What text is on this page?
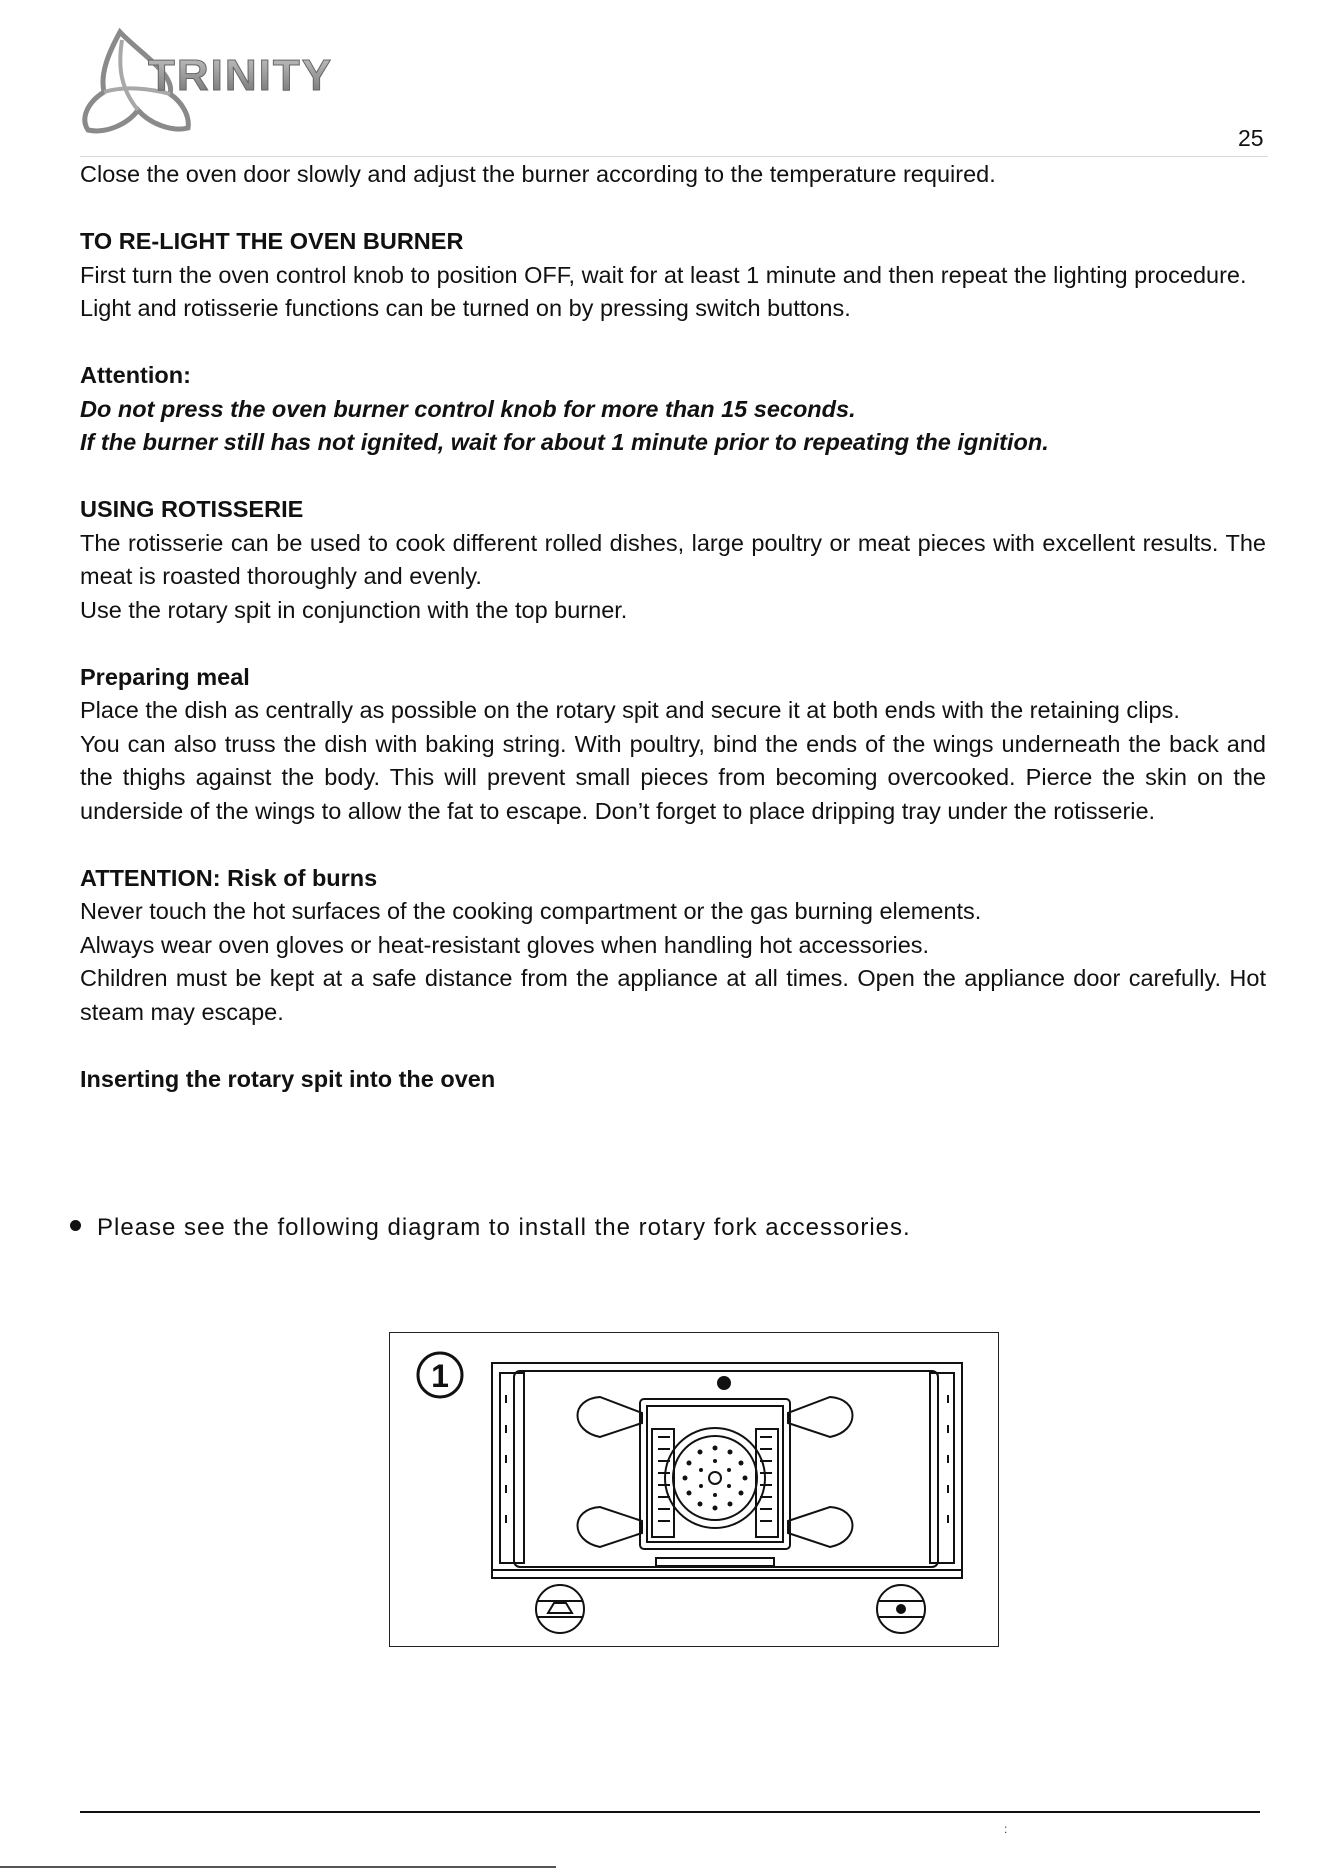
TRINITY
25

Close the oven door slowly and adjust the burner according to the temperature required.

TO RE-LIGHT THE OVEN BURNER

First turn the oven control knob to position OFF, wait for at least 1 minute and then repeat the lighting procedure.

Light and rotisserie functions can be turned on by pressing switch buttons.

Attention:

Do not press the oven burner control knob for more than 15 seconds.

If the burner still has not ignited, wait for about 1 minute prior to repeating the ignition.

USING ROTISSERIE

The rotisserie can be used to cook different rolled dishes, large poultry or meat pieces with excellent results. The meat is roasted thoroughly and evenly.

Use the rotary spit in conjunction with the top burner.

Preparing meal

Place the dish as centrally as possible on the rotary spit and secure it at both ends with the retaining clips.

You can also truss the dish with baking string. With poultry, bind the ends of the wings underneath the back and the thighs against the body. This will prevent small pieces from becoming overcooked. Pierce the skin on the underside of the wings to allow the fat to escape. Don’t forget to place dripping tray under the rotisserie.

ATTENTION: Risk of burns

Never touch the hot surfaces of the cooking compartment or the gas burning elements.

Always wear oven gloves or heat-resistant gloves when handling hot accessories.

Children must be kept at a safe distance from the appliance at all times. Open the appliance door carefully. Hot steam may escape.

Inserting the rotary spit into the oven

Please see the following diagram to install the rotary fork accessories.
1
:
